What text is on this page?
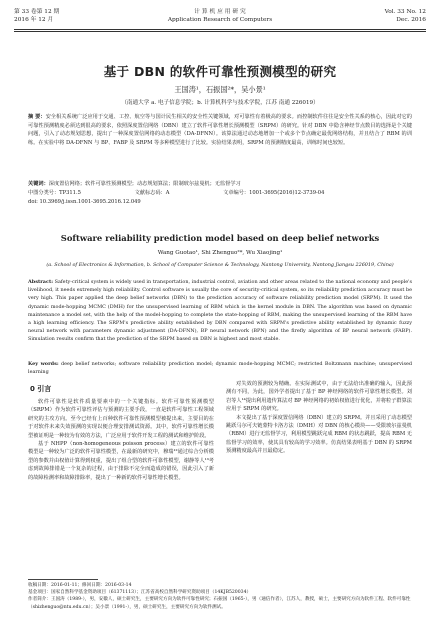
第 33 卷第 12 期
2016 年 12 月
计 算 机 应 用 研 究
Application Research of Computers
Vol. 33 No. 12
Dec. 2016
基于 DBN 的软件可靠性预测模型的研究
王国涛¹，石振国²*，吴小景¹
（南通大学 a. 电子信息学院；b. 计算机科学与技术学院，江苏 南通 226019）
摘 要：安全相关系统广泛应用于交通、工控、航空等与国计民生相关的安全性关键领域，对可靠性有着极高的要求。而控制软件往往是安全性关系的核心，因此对它的可靠性预测精度必须达到很高的要求，依照深度置信网络（DBN）建立了软件可靠性增长预测模型（SRPM）的研究。针对 DBN 中隐含神经节点数目的选择是个关键问题，引入了动态规划思想，提出了一种深度置信网络的动态模型（DA-DFNN）。该算法通过动态地增加一个或多个节点确定最优网络结构，并且结合了 RBM 的训练。在实验中将 DA-DFNN 与 BP、FABP 及 SRPM 等多种模型进行了比较。实验结果表明，SRPM 的预测精度最高，训练时间也较短。
关键词：深度置信网络；软件可靠性预测模型；动态规划算法；限制玻尔兹曼机；无监督学习
中图分类号：TP311.5	文献标志码：A	文章编号：1001-3695(2016)12-3739-04
doi: 10.3969/j.issn.1001-3695.2016.12.049
Software reliability prediction model based on deep belief networks
Wang Guotao¹, Shi Zhenguo²*, Wu Xiaojing¹
(a. School of Electronics & Information, b. School of Computer Science & Technology, Nantong University, Nantong Jiangsu 226019, China)
Abstract: Safety-critical system is widely used in transportation, industrial control, aviation and other areas related to the national economy and people's livelihood, it needs extremely high reliability. Control software is usually the core of security-critical system, so its reliability prediction accuracy must be very high. This paper applied the deep belief networks (DBN) to the prediction accuracy of software reliability prediction model (SRPM). It used the dynamic mode-hopping MCMC (DMH) for the unsupervised learning of RBM which is the kernel module in DBN. The algorithm was based on dynamic maintenance a model set, with the help of the model-hopping to complete the state-hopping of RBM, making the unsupervised learning of the RBM have a high learning efficiency. The SRPM's predictive ability established by DBN compared with SRPM's predictive ability established by dynamic fuzzy neural network with parameters dynamic adjustment (DA-DFNN), BP neural network (BPN) and the firefly algorithm of BP neural network (FABP). Simulation results confirm that the prediction of the SRPM based on DBN is highest and most stable.
Key words: deep belief networks; software reliability prediction model; dynamic mode-hopping MCMC; restricted Boltzmann machine; unsupervised learning
0 引言

软件可靠性是软件质量要素中的一个关键指标。软件可靠性预测模型（SRPM）作为软件可靠性评估与预测的主要手段，一直是软件可靠性工程领域研究的主攻方向。至今已经有上百种软件可靠性预测模型被提出来，主要目的在于对软件未来失效预测的实现以便合理安排测试资源。其中，软件可靠性增长模型被证明是一种较为有效的方法，广泛应用于软件开发工程的测试和维护阶段。

基于 NHPP（non-homogeneous poisson process）建立的软件可靠性模型是一种较为广泛的软件可靠性模型，在最新的研究中，穆瑞¹²通过综合分析模型的参数并由权值计算得到权重，提出了组合型的软件可靠性模型，谢静等人¹³考虑到故障排错是一个复杂的过程，由于排除不完全而造成的错误，因此引入了新的故障检测率和故障排除率，提出了一种新的软件可靠性增长模型。

对失效的预测较为精确。在实际测试中，由于无法给出准确的输入，因此预测有不同，为此，国外学者提出了基于 BP 神经网络的软件可靠性增长模型。刘岩等人¹⁴提出利用遗传算法对 BP 神经网络的初始权值进行优化，并将粒子群算法应用于 SRPM 的研究。

本文提出了基于深度置信网络（DBN）建立的 SRPM。并且采用了动态模型跳跃马尔可夫链蒙特卡洛方法（DMH）对 DBN 的核心模块——受限玻尔兹曼机（RBM）进行无监督学习，利用模型跳跃完成 RBM 的状态跳跃，提高 RBM 无监督学习的效率，使其具有较高的学习效率。仿真结果表明基于 DBN 的 SRPM 预测精度最高并且最稳定。

收稿日期：2016-01-11；修回日期：2016-03-14
基金项目：国家自然科学基金资助项目（61371113）；江苏省高校自然科学研究资助项目（14KJB520034）
作者简介：王国涛（1989-），男，安徽人，硕士研究生，主要研究方向为软件可靠性研究；石振国（1965-），男（通信作者），江苏人，教授，硕士，主要研究方向为软件工程、软件可靠性（shizhenguo@ntu.edu.cn）；吴小景（1991-），男，硕士研究生，主要研究方向为软件测试。
